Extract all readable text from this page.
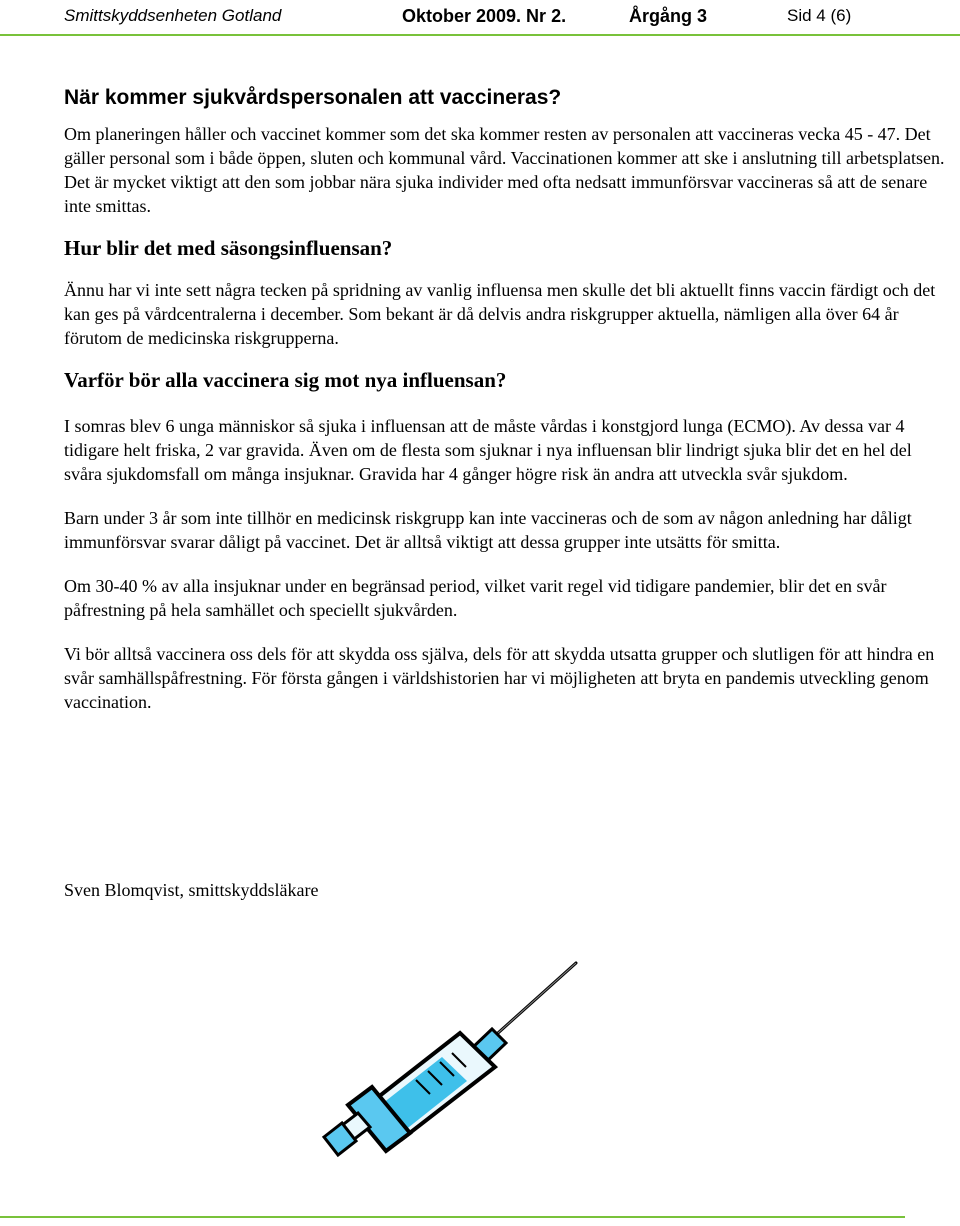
Smittskyddsenheten Gotland	Oktober 2009. Nr 2.	Årgång 3	Sid 4 (6)
När kommer sjukvårdspersonalen att vaccineras?

Om planeringen håller och vaccinet kommer som det ska kommer resten av personalen att vaccineras vecka 45 - 47. Det gäller personal som i både öppen, sluten och kommunal vård. Vaccinationen kommer att ske i anslutning till arbetsplatsen. Det är mycket viktigt att den som jobbar nära sjuka individer med ofta nedsatt immunförsvar vaccineras så att de senare inte smittas.

Hur blir det med säsongsinfluensan?

Ännu har vi inte sett några tecken på spridning av vanlig influensa men skulle det bli aktuellt finns vaccin färdigt och det kan ges på vårdcentralerna i december. Som bekant är då delvis andra riskgrupper aktuella, nämligen alla över 64 år förutom de medicinska riskgrupperna.

Varför bör alla vaccinera sig mot nya influensan?

I somras blev 6 unga människor så sjuka i influensan att de måste vårdas i konstgjord lunga (ECMO). Av dessa var 4 tidigare helt friska, 2 var gravida. Även om de flesta som sjuknar i nya influensan blir lindrigt sjuka blir det en hel del svåra sjukdomsfall om många insjuknar. Gravida har 4 gånger högre risk än andra att utveckla svår sjukdom.

Barn under 3 år som inte tillhör en medicinsk riskgrupp kan inte vaccineras och de som av någon anledning har dåligt immunförsvar svarar dåligt på vaccinet. Det är alltså viktigt att dessa grupper inte utsätts för smitta.

Om 30-40 % av alla insjuknar under en begränsad period, vilket varit regel vid tidigare pandemier, blir det en svår påfrestning på hela samhället och speciellt sjukvården.

Vi bör alltså vaccinera oss dels för att skydda oss själva, dels för att skydda utsatta grupper och slutligen för att hindra en svår samhällspåfrestning. För första gången i världshistorien har vi möjligheten att bryta en pandemis utveckling genom vaccination.

Sven Blomqvist, smittskyddsläkare
